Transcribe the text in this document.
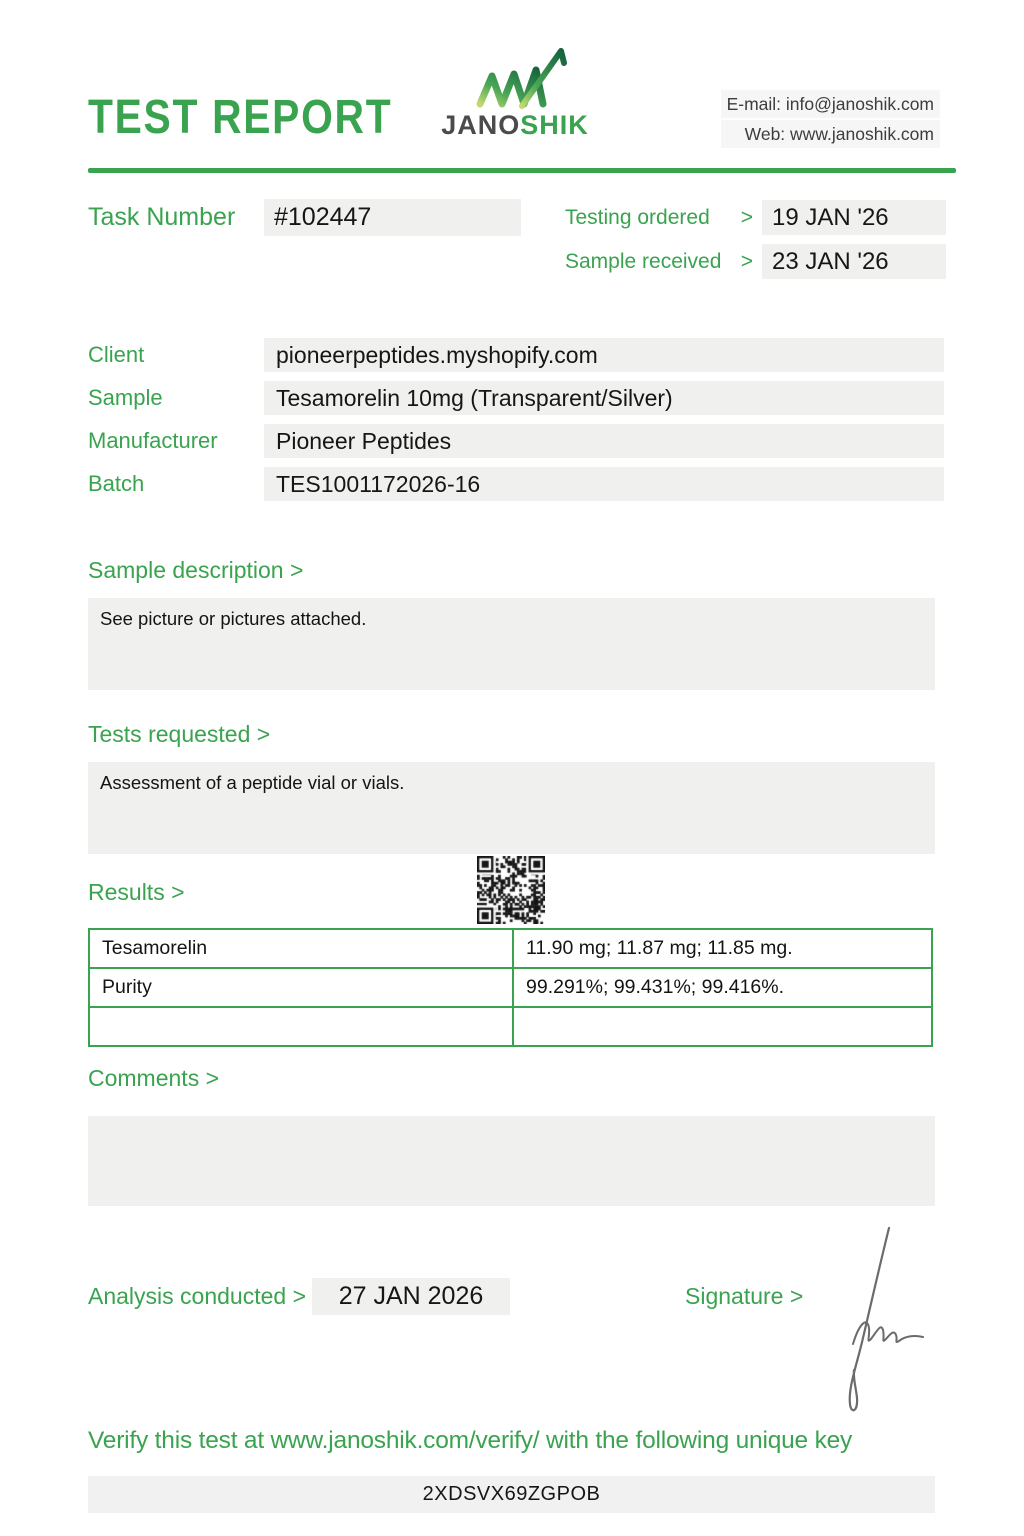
TEST REPORT JANOSHIK
E-mail: info@janoshik.com
Web: www.janoshik.com
Task Number	#102447	Testing ordered > 19 JAN '26
Sample received > 23 JAN '26
Client	pioneerpeptides.myshopify.com
Sample	Tesamorelin 10mg (Transparent/Silver)
Manufacturer	Pioneer Peptides
Batch	TES1001172026-16
Sample description >
See picture or pictures attached.
Tests requested >
Assessment of a peptide vial or vials.
Results >
Tesamorelin	11.90 mg; 11.87 mg; 11.85 mg.
Purity	99.291%; 99.431%; 99.416%.

Comments >
Analysis conducted >	27 JAN 2026	Signature >
Verify this test at www.janoshik.com/verify/ with the following unique key
2XDSVX69ZGPOB
